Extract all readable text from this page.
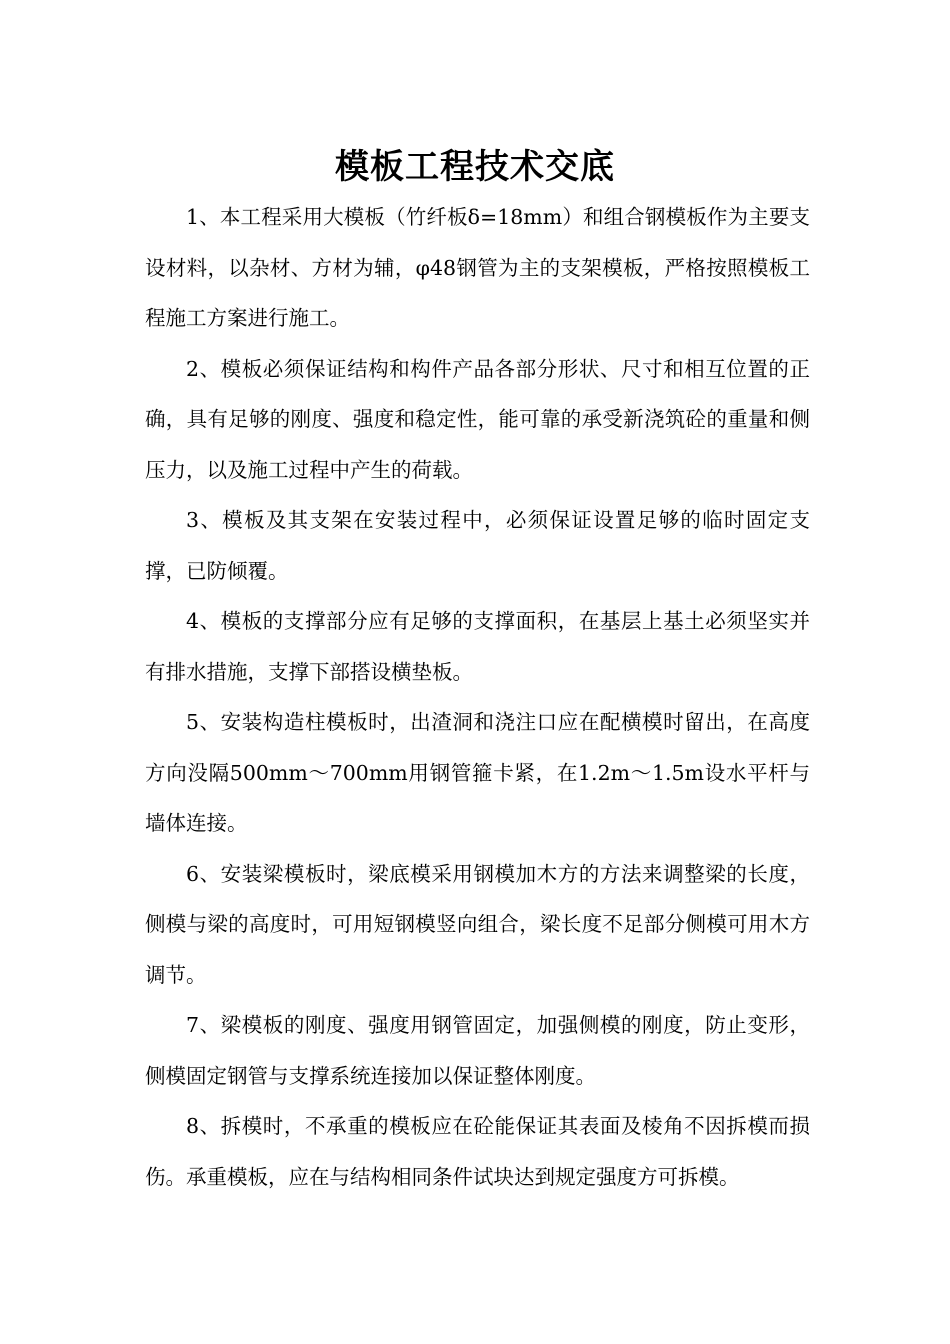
模板工程技术交底

1、本工程采用大模板（竹纤板δ=18mm）和组合钢模板作为主要支设材料，以杂材、方材为辅，φ48钢管为主的支架模板，严格按照模板工程施工方案进行施工。

2、模板必须保证结构和构件产品各部分形状、尺寸和相互位置的正确，具有足够的刚度、强度和稳定性，能可靠的承受新浇筑砼的重量和侧压力，以及施工过程中产生的荷载。

3、模板及其支架在安装过程中，必须保证设置足够的临时固定支撑，已防倾覆。

4、模板的支撑部分应有足够的支撑面积，在基层上基土必须坚实并有排水措施，支撑下部搭设横垫板。

5、安装构造柱模板时，出渣洞和浇注口应在配横模时留出，在高度方向没隔500mm～700mm用钢管箍卡紧，在1.2m～1.5m设水平杆与墙体连接。

6、安装梁模板时，梁底模采用钢模加木方的方法来调整梁的长度，侧模与梁的高度时，可用短钢模竖向组合，梁长度不足部分侧模可用木方调节。

7、梁模板的刚度、强度用钢管固定，加强侧模的刚度，防止变形，侧模固定钢管与支撑系统连接加以保证整体刚度。

8、拆模时，不承重的模板应在砼能保证其表面及棱角不因拆模而损伤。承重模板，应在与结构相同条件试块达到规定强度方可拆模。
